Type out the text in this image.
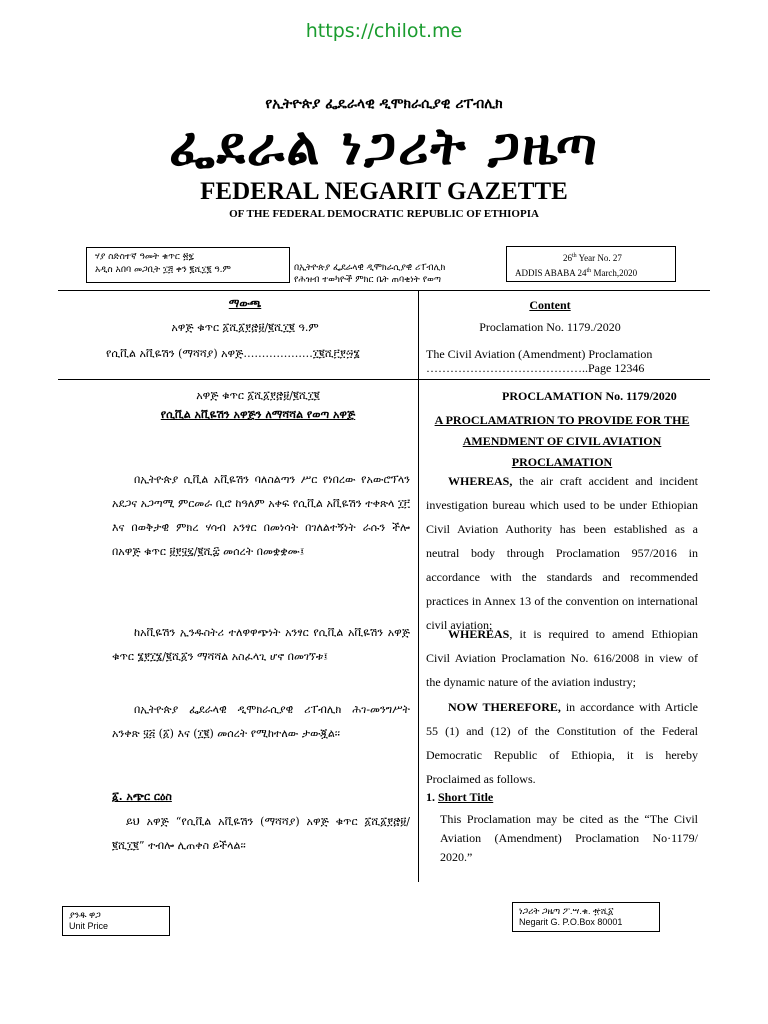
https://chilot.me
የኢትዮጵያ ፌዴራላዊ ዲሞክራሲያዊ ሪፐብሊክ
ፌደራል ነጋሪት ጋዜጣ
FEDERAL NEGARIT GAZETTE
OF THE FEDERAL DEMOCRATIC REPUBLIC OF ETHIOPIA
ሃያ ስድስተኛ ዓመት ቁጥር ፳፯
አዲስ አበባ መጋቢት ፲፭ ቀን ፪ሺ፲፪ ዓ.ም	በኢትዮጵያ ፌደራላዊ ዲሞክራሲያዊ ሪፐብሊክ
የሕዝብ ተወካዮች ምክር ቤት ጠባቂነት የወጣ
26th Year No. 27
ADDIS ABABA 24th March,2020
ማውጫ
አዋጅ ቁጥር ፩ሺ፩፻፸፱/፪ሺ፲፪ ዓ.ም
የሲቪል አቪዬሽን (ማሻሻያ) አዋጅ…………….…፲፪ሺ፫፻፵፮
Content
Proclamation No. 1179./2020
The Civil Aviation (Amendment) Proclamation
…………………………………..Page 12346
አዋጅ ቁጥር ፩ሺ፩፻፸፱/፪ሺ፲፪
የሲቪል አቪዬሽን አዋጅን ለማሻሻል የወጣ አዋጅ
በኢትዮጵያ ሲቪል አቪዬሽን ባለስልጣን ሥር የነበረው የአውሮፕላን አደጋና አጋጣሚ ምርመራ ቢሮ ከዓለም አቀፍ የሲቪል አቪዬሽን ተቀጽላ ፲፫ እና በወቅታዊ ምክረ ሃሳብ አንፃር በመነሳት በገለልተኝነት ራሱን ችሎ በአዋጅ ቁጥር ፱፻፶፯/፪ሺ፰ መሰረት በመቋቋሙ፤
ከአቪዬሽን ኢንዱስትሪ ተለዋዋጭነት አንፃር የሲቪል አቪዬሽን አዋጅ ቁጥር ፮፻፲፮/፪ሺ፩ን ማሻሻል አስፈላጊ ሆኖ በመገኘቱ፤
በኢትዮጵያ ፌደራላዊ ዲሞክራሲያዊ ሪፐብሊክ ሕገ-መንግሥት አንቀጽ ፶፭ (፩) እና (፲፪) መሰረት የሚከተለው ታውጇል፡፡
፩. አጭር ርዕስ
ይህ አዋጅ “የሲቪል አቪዬሽን (ማሻሻያ) አዋጅ ቁጥር ፩ሺ፩፻፸፱/፪ሺ፲፪” ተብሎ ሊጠቀስ ይችላል፡፡
PROCLAMATION No. 1179/2020
A PROCLAMATRION TO PROVIDE FOR THE AMENDMENT OF CIVIL AVIATION PROCLAMATION
WHEREAS, the air craft accident and incident investigation bureau which used to be under Ethiopian Civil Aviation Authority has been established as a neutral body through Proclamation 957/2016 in accordance with the standards and recommended practices in Annex 13 of the convention on international civil aviation;
WHEREAS, it is required to amend Ethiopian Civil Aviation Proclamation No. 616/2008 in view of the dynamic nature of the aviation industry;
NOW THEREFORE, in accordance with Article 55 (1) and (12) of the Constitution of the Federal Democratic Republic of Ethiopia, it is hereby Proclaimed as follows.
1. Short Title
This Proclamation may be cited as the “The Civil Aviation (Amendment) Proclamation No·1179/ 2020.”
ያንዱ ዋጋ
Unit Price
ነጋሪት ጋዜጣ ፖ.ሣ.ቁ. ፹ሺ፩
Negarit G. P.O.Box 80001
